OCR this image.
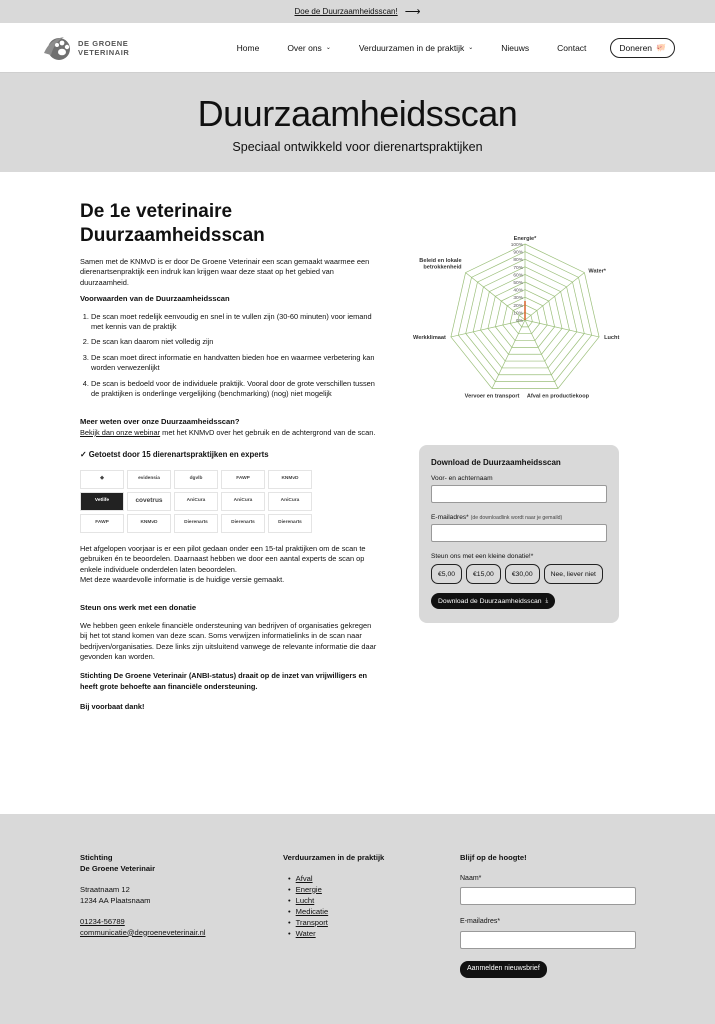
Doe de Duurzaamheidsscan! ⟶
DE GROENE
VETERINAIR	Home	Over ons ⌄	Verduurzamen in de praktijk ⌄	Nieuws	Contact	Doneren 🐖
Duurzaamheidsscan

Speciaal ontwikkeld voor dierenartspraktijken

De 1e veterinaire
Duurzaamheidsscan

Samen met de KNMvD is er door De Groene Veterinair een scan gemaakt waarmee een dierenartsenpraktijk een indruk kan krijgen waar deze staat op het gebied van duurzaamheid.

Voorwaarden van de Duurzaamheidsscan
1. De scan moet redelijk eenvoudig en snel in te vullen zijn (30-60 minuten) voor iemand met kennis van de praktijk
2. De scan kan daarom niet volledig zijn
3. De scan moet direct informatie en handvatten bieden hoe en waarmee verbetering kan worden verwezenlijkt
4. De scan is bedoeld voor de individuele praktijk. Vooral door de grote verschillen tussen de praktijken is onderlinge vergelijking (benchmarking) (nog) niet mogelijk
Meer weten over onze Duurzaamheidsscan?

Bekijk dan onze webinar met het KNMvD over het gebruik en de achtergrond van de scan.

✓ Getoetst door 15 dierenartspraktijken en experts
◆	evidensia	dgvlb	FAWP	KNMvD
Vetlife	covetrus	AniCura	AniCura	AniCura
FAWP	KNMvD	Dierenarts	Dierenarts	Dierenarts

Het afgelopen voorjaar is er een pilot gedaan onder een 15-tal praktijken om de scan te gebruiken én te beoordelen. Daarnaast hebben we door een aantal experts de scan op enkele individuele onderdelen laten beoordelen.
Met deze waardevolle informatie is de huidige versie gemaakt.

Steun ons werk met een donatie

We hebben geen enkele financiële ondersteuning van bedrijven of organisaties gekregen bij het tot stand komen van deze scan. Soms verwijzen informatielinks in de scan naar bedrijven/organisaties. Deze links zijn uitsluitend vanwege de relevante informatie die daar gevonden kan worden.

Stichting De Groene Veterinair (ANBI-status) draait op de inzet van vrijwilligers en heeft grote behoefte aan financiële ondersteuning.

Bij voorbaat dank!

0%
10%
20%
30%
40%
50%
60%
70%
80%
90%
100%
Energie*
Water*
Lucht
Afval en productiekoop
Vervoer en transport
Werkklimaat
Beleid en lokale
betrokkenheid
Download de Duurzaamheidsscan
Voor- en achternaam
E-mailadres* (de downloadlink wordt naar je gemaild)
Steun ons met een kleine donatie!*
€5,00	€15,00	€30,00	Nee, liever niet
Download de Duurzaamheidsscan ⤓
Stichting
De Groene Veterinair
Straatnaam 12
1234 AA Plaatsnaam
01234-56789
communicatie@degroeneveterinair.nl
Verduurzamen in de praktijk
• Afval
• Energie
• Lucht
• Medicatie
• Transport
• Water
Blijf op de hoogte!
Naam*
E-mailadres*
Aanmelden nieuwsbrief
